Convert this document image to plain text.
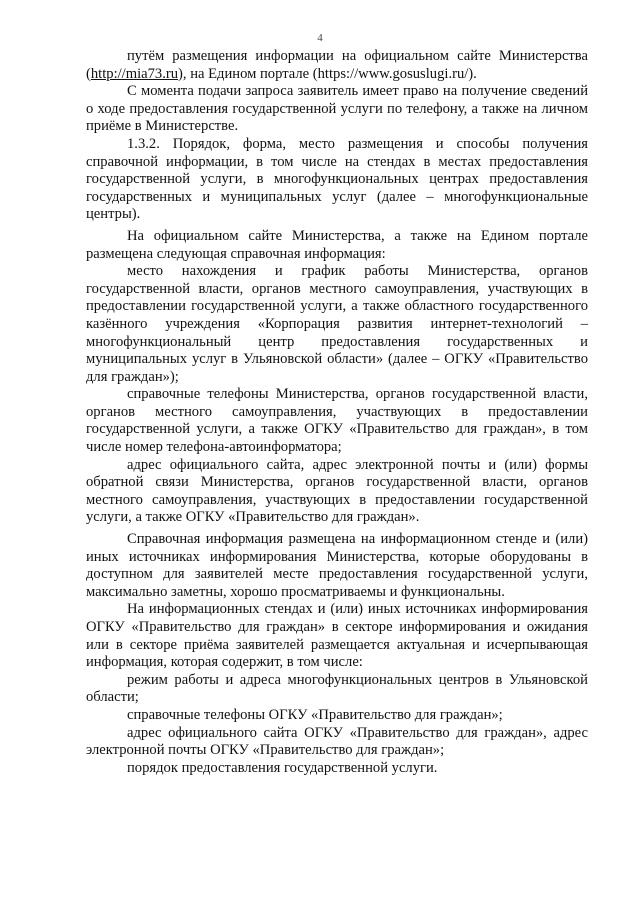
4

путём размещения информации на официальном сайте Министерства (http://mia73.ru), на Едином портале (https://www.gosuslugi.ru/).

С момента подачи запроса заявитель имеет право на получение сведений о ходе предоставления государственной услуги по телефону, а также на личном приёме в Министерстве.

1.3.2. Порядок, форма, место размещения и способы получения справочной информации, в том числе на стендах в местах предоставления государственной услуги, в многофункциональных центрах предоставления государственных и муниципальных услуг (далее – многофункциональные центры).

На официальном сайте Министерства, а также на Едином портале размещена следующая справочная информация:

место нахождения и график работы Министерства, органов государственной власти, органов местного самоуправления, участвующих в предоставлении государственной услуги, а также областного государственного казённого учреждения «Корпорация развития интернет-технологий – многофункциональный центр предоставления государственных и муниципальных услуг в Ульяновской области» (далее – ОГКУ «Правительство для граждан»);

справочные телефоны Министерства, органов государственной власти, органов местного самоуправления, участвующих в предоставлении государственной услуги, а также ОГКУ «Правительство для граждан», в том числе номер телефона-автоинформатора;

адрес официального сайта, адрес электронной почты и (или) формы обратной связи Министерства, органов государственной власти, органов местного самоуправления, участвующих в предоставлении государственной услуги, а также ОГКУ «Правительство для граждан».

Справочная информация размещена на информационном стенде и (или) иных источниках информирования Министерства, которые оборудованы в доступном для заявителей месте предоставления государственной услуги, максимально заметны, хорошо просматриваемы и функциональны.

На информационных стендах и (или) иных источниках информирования ОГКУ «Правительство для граждан» в секторе информирования и ожидания или в секторе приёма заявителей размещается актуальная и исчерпывающая информация, которая содержит, в том числе:

режим работы и адреса многофункциональных центров в Ульяновской области;

справочные телефоны ОГКУ «Правительство для граждан»;

адрес официального сайта ОГКУ «Правительство для граждан», адрес электронной почты ОГКУ «Правительство для граждан»;

порядок предоставления государственной услуги.
